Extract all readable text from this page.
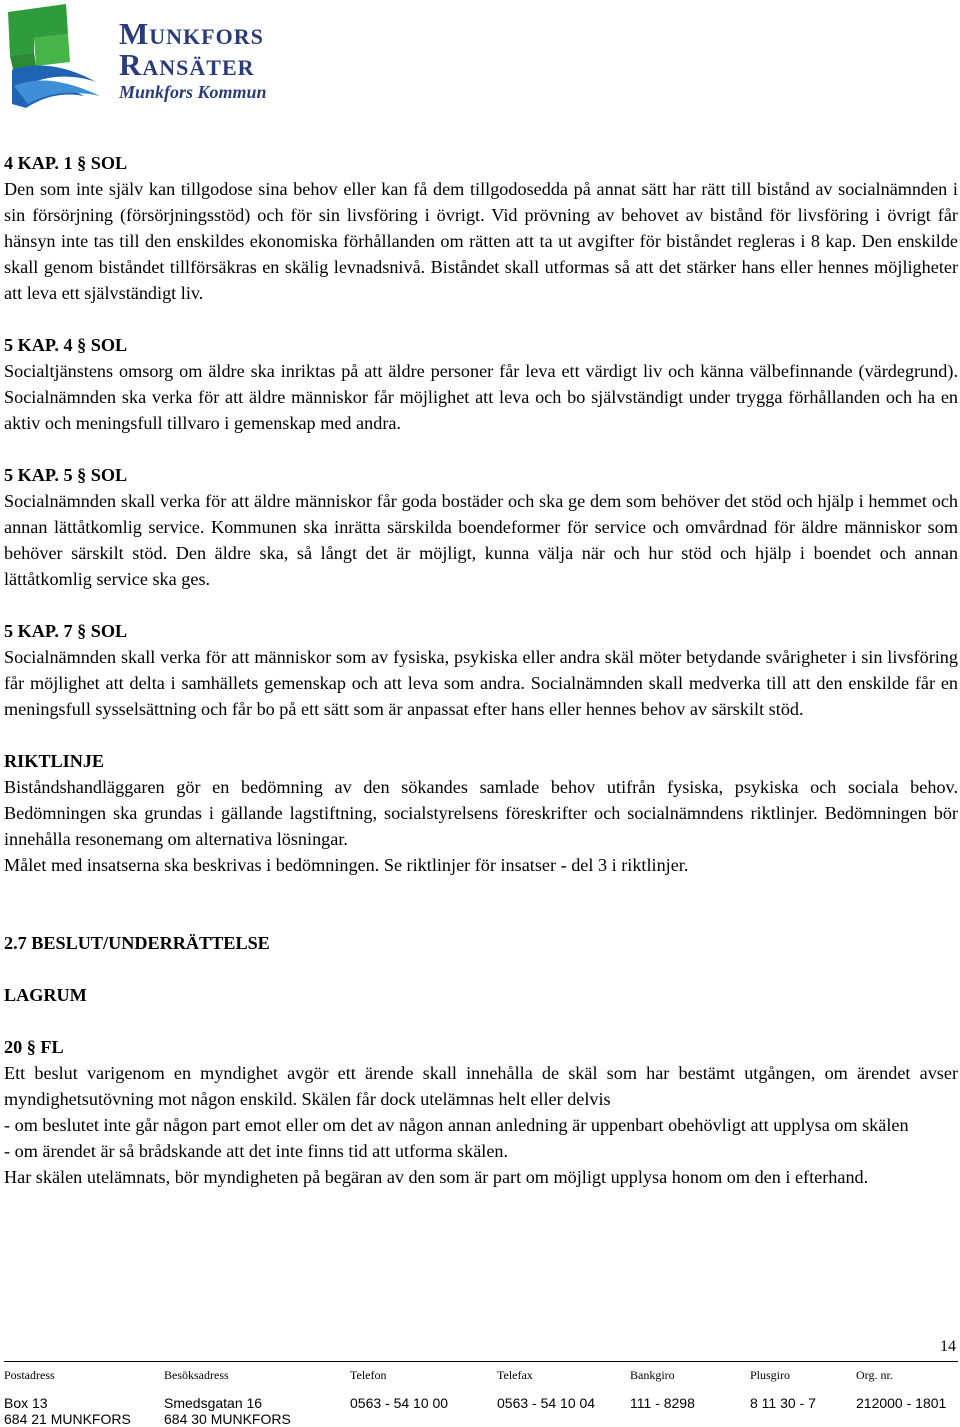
Munkfors
Ransäter
Munkfors Kommun

4 KAP. 1 § SOL

Den som inte själv kan tillgodose sina behov eller kan få dem tillgodosedda på annat sätt har rätt till bistånd av socialnämnden i sin försörjning (försörjningsstöd) och för sin livsföring i övrigt. Vid prövning av behovet av bistånd för livsföring i övrigt får hänsyn inte tas till den enskildes ekonomiska förhållanden om rätten att ta ut avgifter för biståndet regleras i 8 kap. Den enskilde skall genom biståndet tillförsäkras en skälig levnadsnivå. Biståndet skall utformas så att det stärker hans eller hennes möjligheter att leva ett självständigt liv.

5 KAP. 4 § SOL

Socialtjänstens omsorg om äldre ska inriktas på att äldre personer får leva ett värdigt liv och känna välbefinnande (värdegrund). Socialnämnden ska verka för att äldre människor får möjlighet att leva och bo självständigt under trygga förhållanden och ha en aktiv och meningsfull tillvaro i gemenskap med andra.

5 KAP. 5 § SOL

Socialnämnden skall verka för att äldre människor får goda bostäder och ska ge dem som behöver det stöd och hjälp i hemmet och annan lättåtkomlig service. Kommunen ska inrätta särskilda boendeformer för service och omvårdnad för äldre människor som behöver särskilt stöd. Den äldre ska, så långt det är möjligt, kunna välja när och hur stöd och hjälp i boendet och annan lättåtkomlig service ska ges.

5 KAP. 7 § SOL

Socialnämnden skall verka för att människor som av fysiska, psykiska eller andra skäl möter betydande svårigheter i sin livsföring får möjlighet att delta i samhällets gemenskap och att leva som andra. Socialnämnden skall medverka till att den enskilde får en meningsfull sysselsättning och får bo på ett sätt som är anpassat efter hans eller hennes behov av särskilt stöd.

RIKTLINJE

Biståndshandläggaren gör en bedömning av den sökandes samlade behov utifrån fysiska, psykiska och sociala behov. Bedömningen ska grundas i gällande lagstiftning, socialstyrelsens föreskrifter och socialnämndens riktlinjer. Bedömningen bör innehålla resonemang om alternativa lösningar.

Målet med insatserna ska beskrivas i bedömningen. Se riktlinjer för insatser - del 3 i riktlinjer.

2.7 BESLUT/UNDERRÄTTELSE

LAGRUM

20 § FL

Ett beslut varigenom en myndighet avgör ett ärende skall innehålla de skäl som har bestämt utgången, om ärendet avser myndighetsutövning mot någon enskild. Skälen får dock utelämnas helt eller delvis

- om beslutet inte går någon part emot eller om det av någon annan anledning är uppenbart obehövligt att upplysa om skälen

- om ärendet är så brådskande att det inte finns tid att utforma skälen.

Har skälen utelämnats, bör myndigheten på begäran av den som är part om möjligt upplysa honom om den i efterhand.

14
Postadress
Box 13
684 21 MUNKFORS
Besöksadress
Smedsgatan 16
684 30 MUNKFORS
Telefon
0563 - 54 10 00
Telefax
0563 - 54 10 04
Bankgiro
111 - 8298
Plusgiro
8 11 30 - 7
Org. nr.
212000 - 1801
